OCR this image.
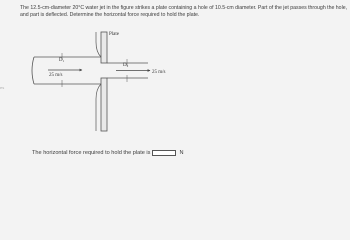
The 12.5-cm-diameter 20°C water jet in the figure strikes a plate containing a hole of 10.5-cm diameter. Part of the jet passes through the hole, and part is deflected. Determine the horizontal force required to hold the plate.

es
D₁
25 m/s
Plate
D₂
25 m/s
The horizontal force required to hold the plate is	N
